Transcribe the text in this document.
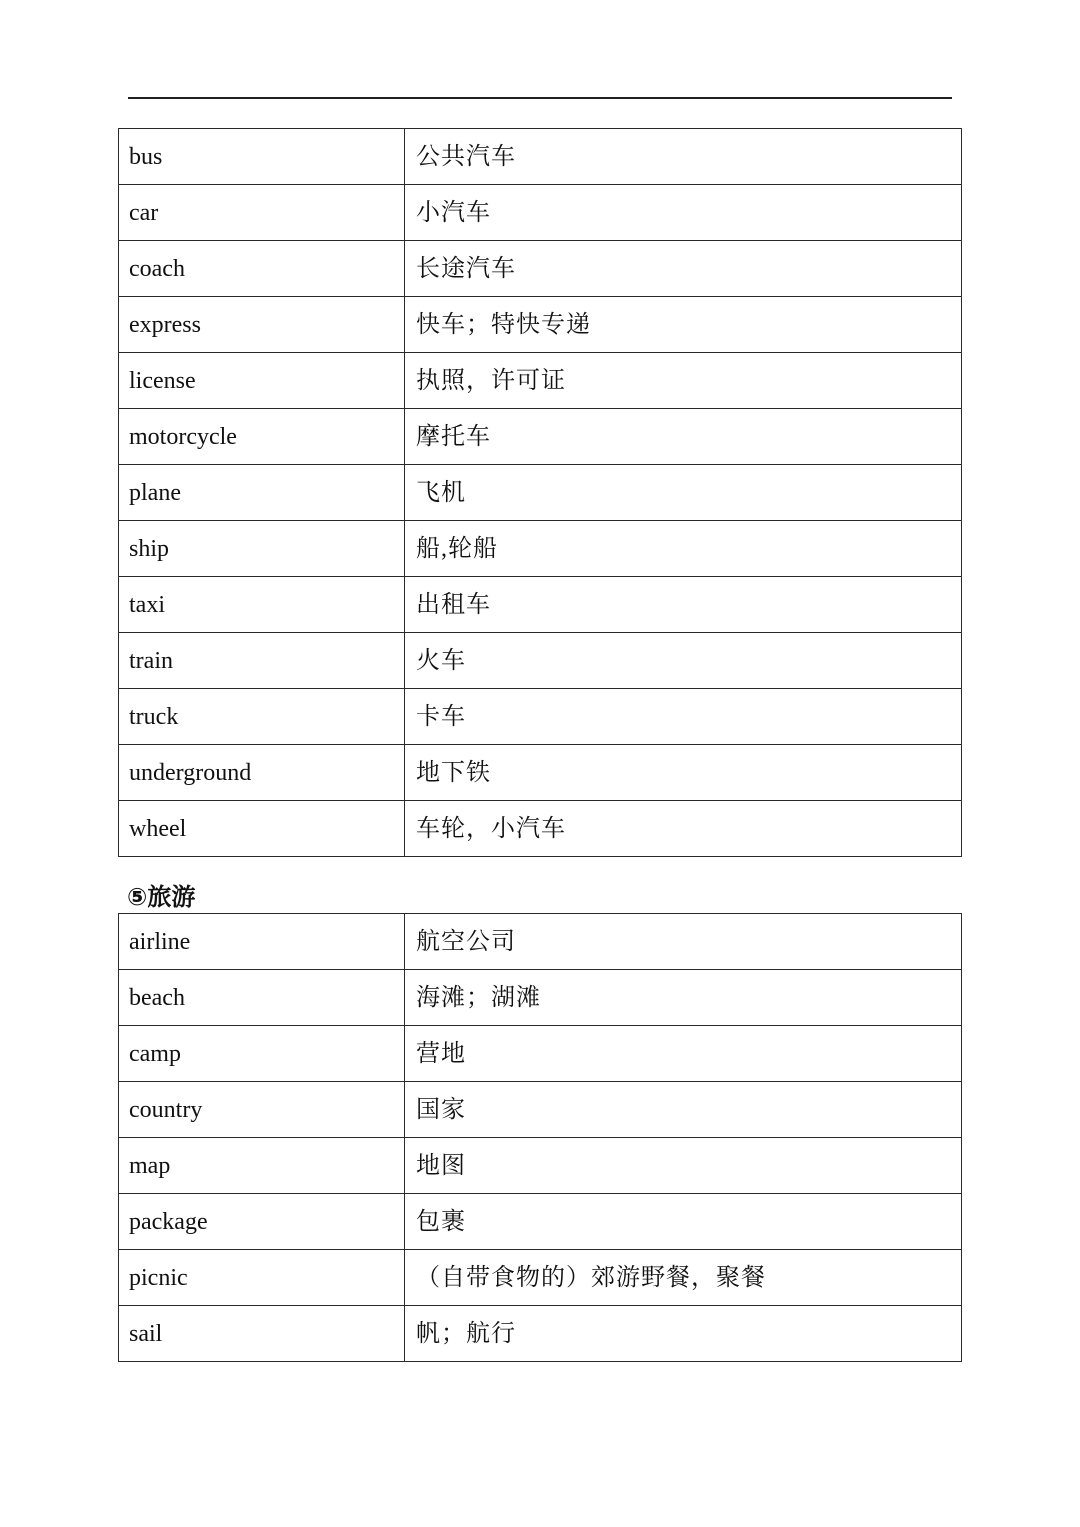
bus	公共汽车
car	小汽车
coach	长途汽车
express	快车；特快专递
license	执照，许可证
motorcycle	摩托车
plane	飞机
ship	船,轮船
taxi	出租车
train	火车
truck	卡车
underground	地下铁
wheel	车轮，小汽车
⑤旅游
airline	航空公司
beach	海滩；湖滩
camp	营地
country	国家
map	地图
package	包裹
picnic	（自带食物的）郊游野餐，聚餐
sail	帆；航行
